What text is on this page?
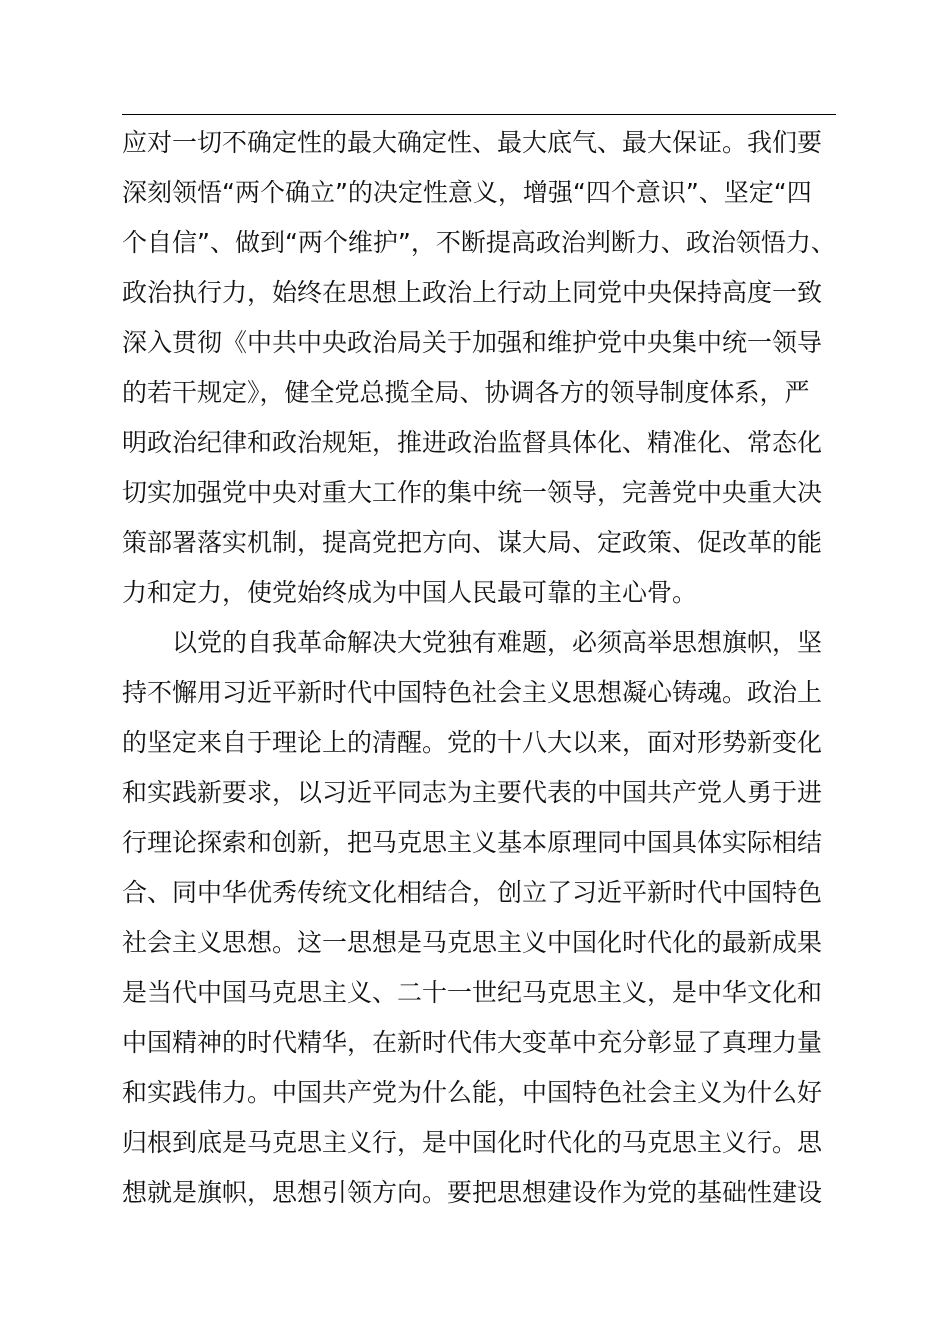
应对一切不确定性的最大确定性、最大底气、最大保证。我们要
深刻领悟“两个确立”的决定性意义，增强“四个意识”、坚定“四
个自信”、做到“两个维护”，不断提高政治判断力、政治领悟力、
政治执行力，始终在思想上政治上行动上同党中央保持高度一致
深入贯彻《中共中央政治局关于加强和维护党中央集中统一领导
的若干规定》，健全党总揽全局、协调各方的领导制度体系，严
明政治纪律和政治规矩，推进政治监督具体化、精准化、常态化
切实加强党中央对重大工作的集中统一领导，完善党中央重大决
策部署落实机制，提高党把方向、谋大局、定政策、促改革的能
力和定力，使党始终成为中国人民最可靠的主心骨。
以党的自我革命解决大党独有难题，必须高举思想旗帜，坚
持不懈用习近平新时代中国特色社会主义思想凝心铸魂。政治上
的坚定来自于理论上的清醒。党的十八大以来，面对形势新变化
和实践新要求，以习近平同志为主要代表的中国共产党人勇于进
行理论探索和创新，把马克思主义基本原理同中国具体实际相结
合、同中华优秀传统文化相结合，创立了习近平新时代中国特色
社会主义思想。这一思想是马克思主义中国化时代化的最新成果
是当代中国马克思主义、二十一世纪马克思主义，是中华文化和
中国精神的时代精华，在新时代伟大变革中充分彰显了真理力量
和实践伟力。中国共产党为什么能，中国特色社会主义为什么好
归根到底是马克思主义行，是中国化时代化的马克思主义行。思
想就是旗帜，思想引领方向。要把思想建设作为党的基础性建设
